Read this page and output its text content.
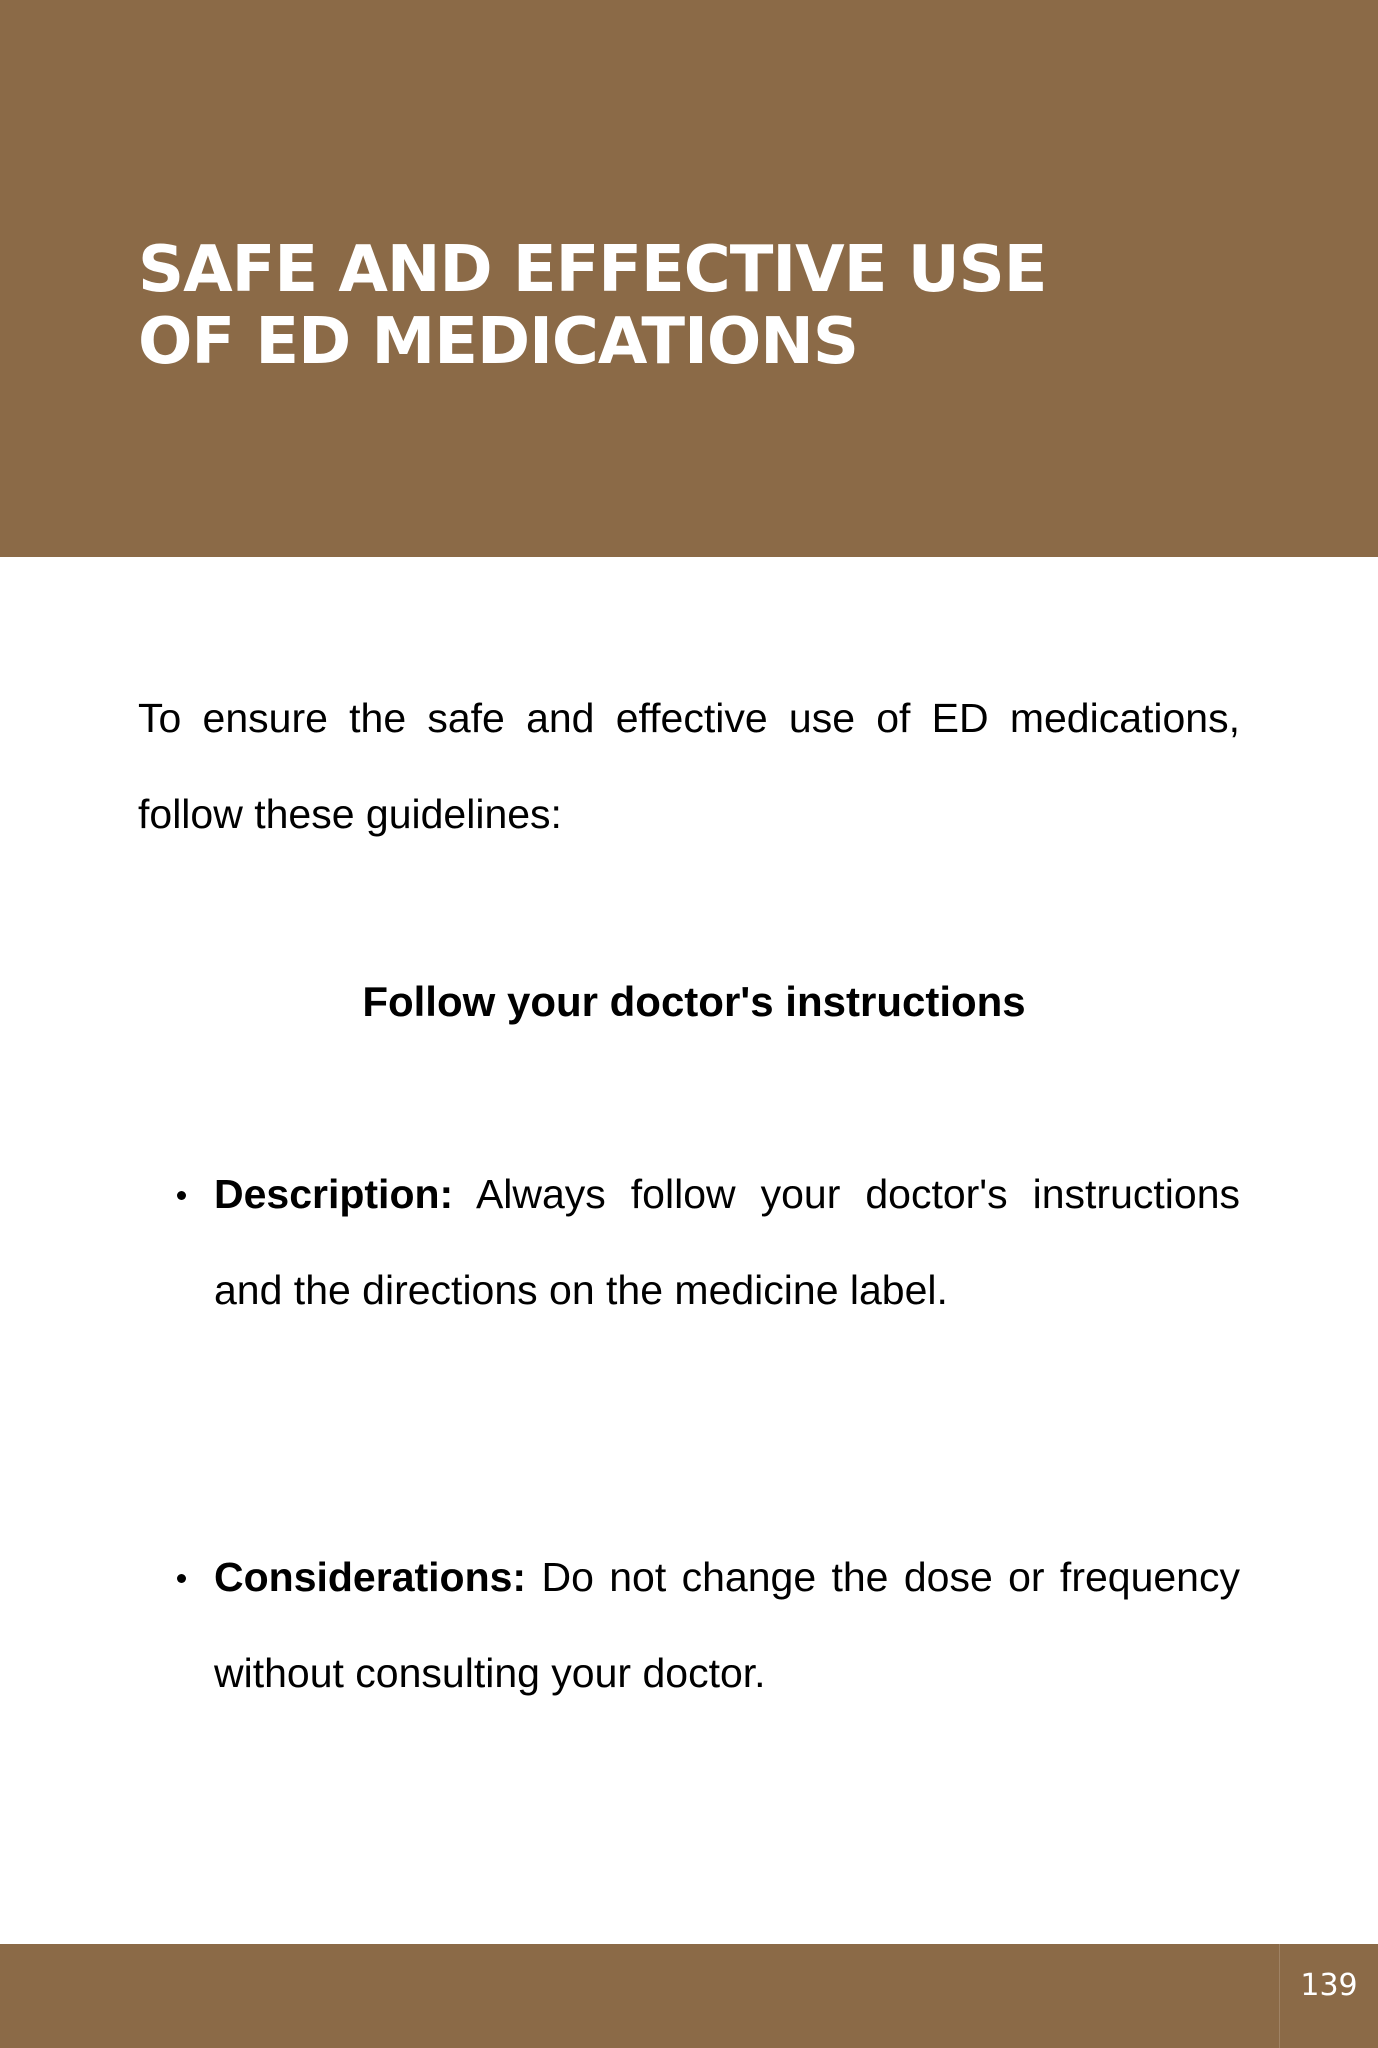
SAFE AND EFFECTIVE USE
OF ED MEDICATIONS

To ensure the safe and effective use of ED medications, follow these guidelines:

Follow your doctor's instructions
Description: Always follow your doctor's instructions and the directions on the medicine label.
Considerations: Do not change the dose or frequency without consulting your doctor.
139
